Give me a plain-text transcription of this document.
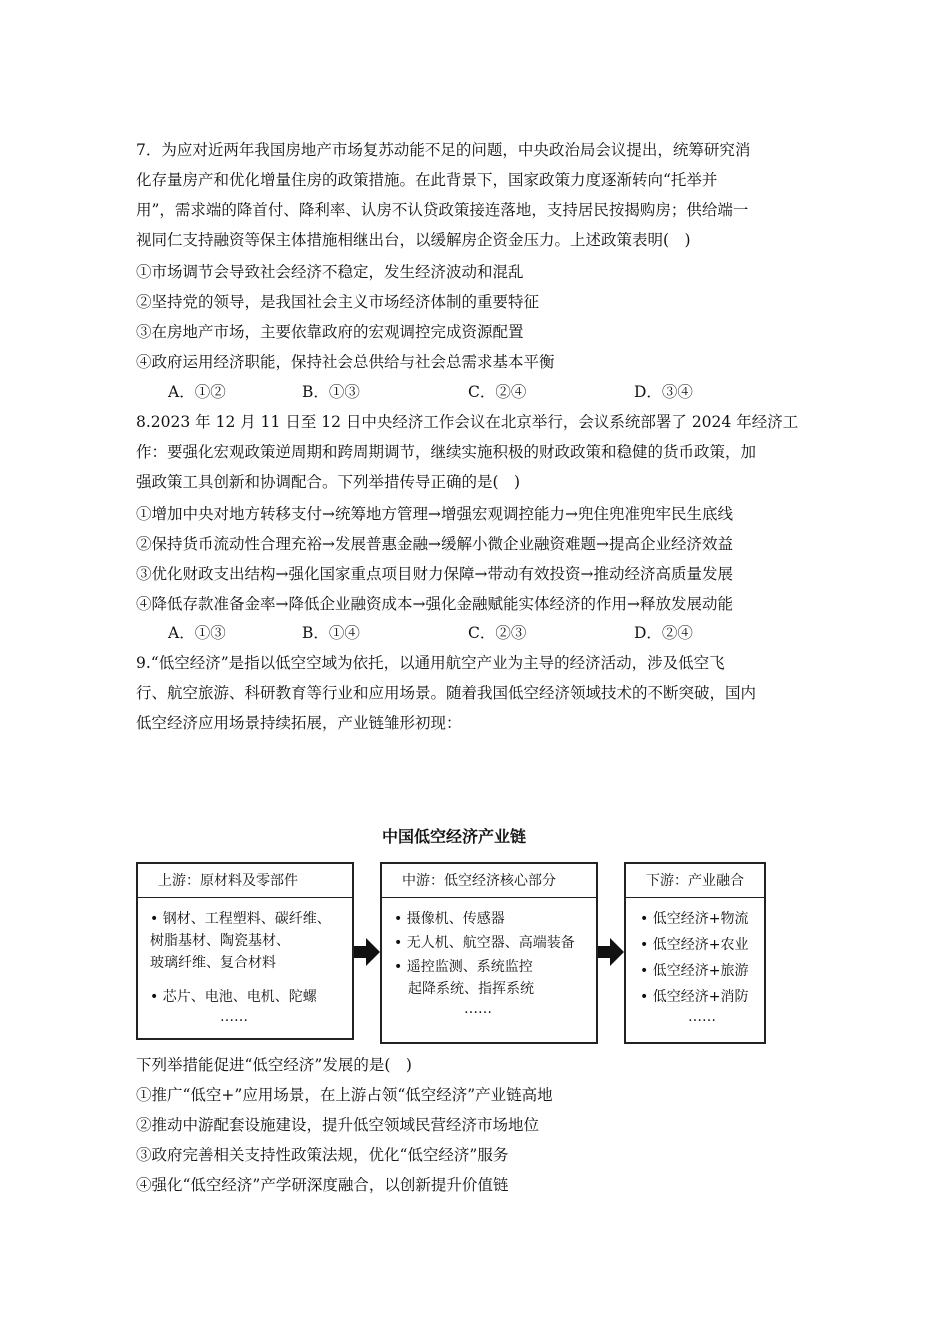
7．为应对近两年我国房地产市场复苏动能不足的问题，中央政治局会议提出，统筹研究消
化存量房产和优化增量住房的政策措施。在此背景下，国家政策力度逐渐转向“托举并
用”，需求端的降首付、降利率、认房不认贷政策接连落地，支持居民按揭购房；供给端一
视同仁支持融资等保主体措施相继出台，以缓解房企资金压力。上述政策表明(　)
①市场调节会导致社会经济不稳定，发生经济波动和混乱
②坚持党的领导，是我国社会主义市场经济体制的重要特征
③在房地产市场，主要依靠政府的宏观调控完成资源配置
④政府运用经济职能，保持社会总供给与社会总需求基本平衡
A．①②	B．①③	C．②④	D．③④
8.2023 年 12 月 11 日至 12 日中央经济工作会议在北京举行，会议系统部署了 2024 年经济工
作：要强化宏观政策逆周期和跨周期调节，继续实施积极的财政政策和稳健的货币政策，加
强政策工具创新和协调配合。下列举措传导正确的是(　)
①增加中央对地方转移支付→统筹地方管理→增强宏观调控能力→兜住兜准兜牢民生底线
②保持货币流动性合理充裕→发展普惠金融→缓解小微企业融资难题→提高企业经济效益
③优化财政支出结构→强化国家重点项目财力保障→带动有效投资→推动经济高质量发展
④降低存款准备金率→降低企业融资成本→强化金融赋能实体经济的作用→释放发展动能
A．①③	B．①④	C．②③	D．②④
9.“低空经济”是指以低空空域为依托，以通用航空产业为主导的经济活动，涉及低空飞
行、航空旅游、科研教育等行业和应用场景。随着我国低空经济领域技术的不断突破，国内
低空经济应用场景持续拓展，产业链雏形初现：
中国低空经济产业链
上游：原材料及零部件
• 钢材、工程塑料、碳纤维、
树脂基材、陶瓷基材、
玻璃纤维、复合材料
• 芯片、电池、电机、陀螺
……
中游：低空经济核心部分
• 摄像机、传感器
• 无人机、航空器、高端装备
• 遥控监测、系统监控
起降系统、指挥系统
……
下游：产业融合
• 低空经济+物流
• 低空经济+农业
• 低空经济+旅游
• 低空经济+消防
……
下列举措能促进“低空经济”发展的是(　)
①推广“低空+”应用场景，在上游占领“低空经济”产业链高地
②推动中游配套设施建设，提升低空领域民营经济市场地位
③政府完善相关支持性政策法规，优化“低空经济”服务
④强化“低空经济”产学研深度融合，以创新提升价值链
